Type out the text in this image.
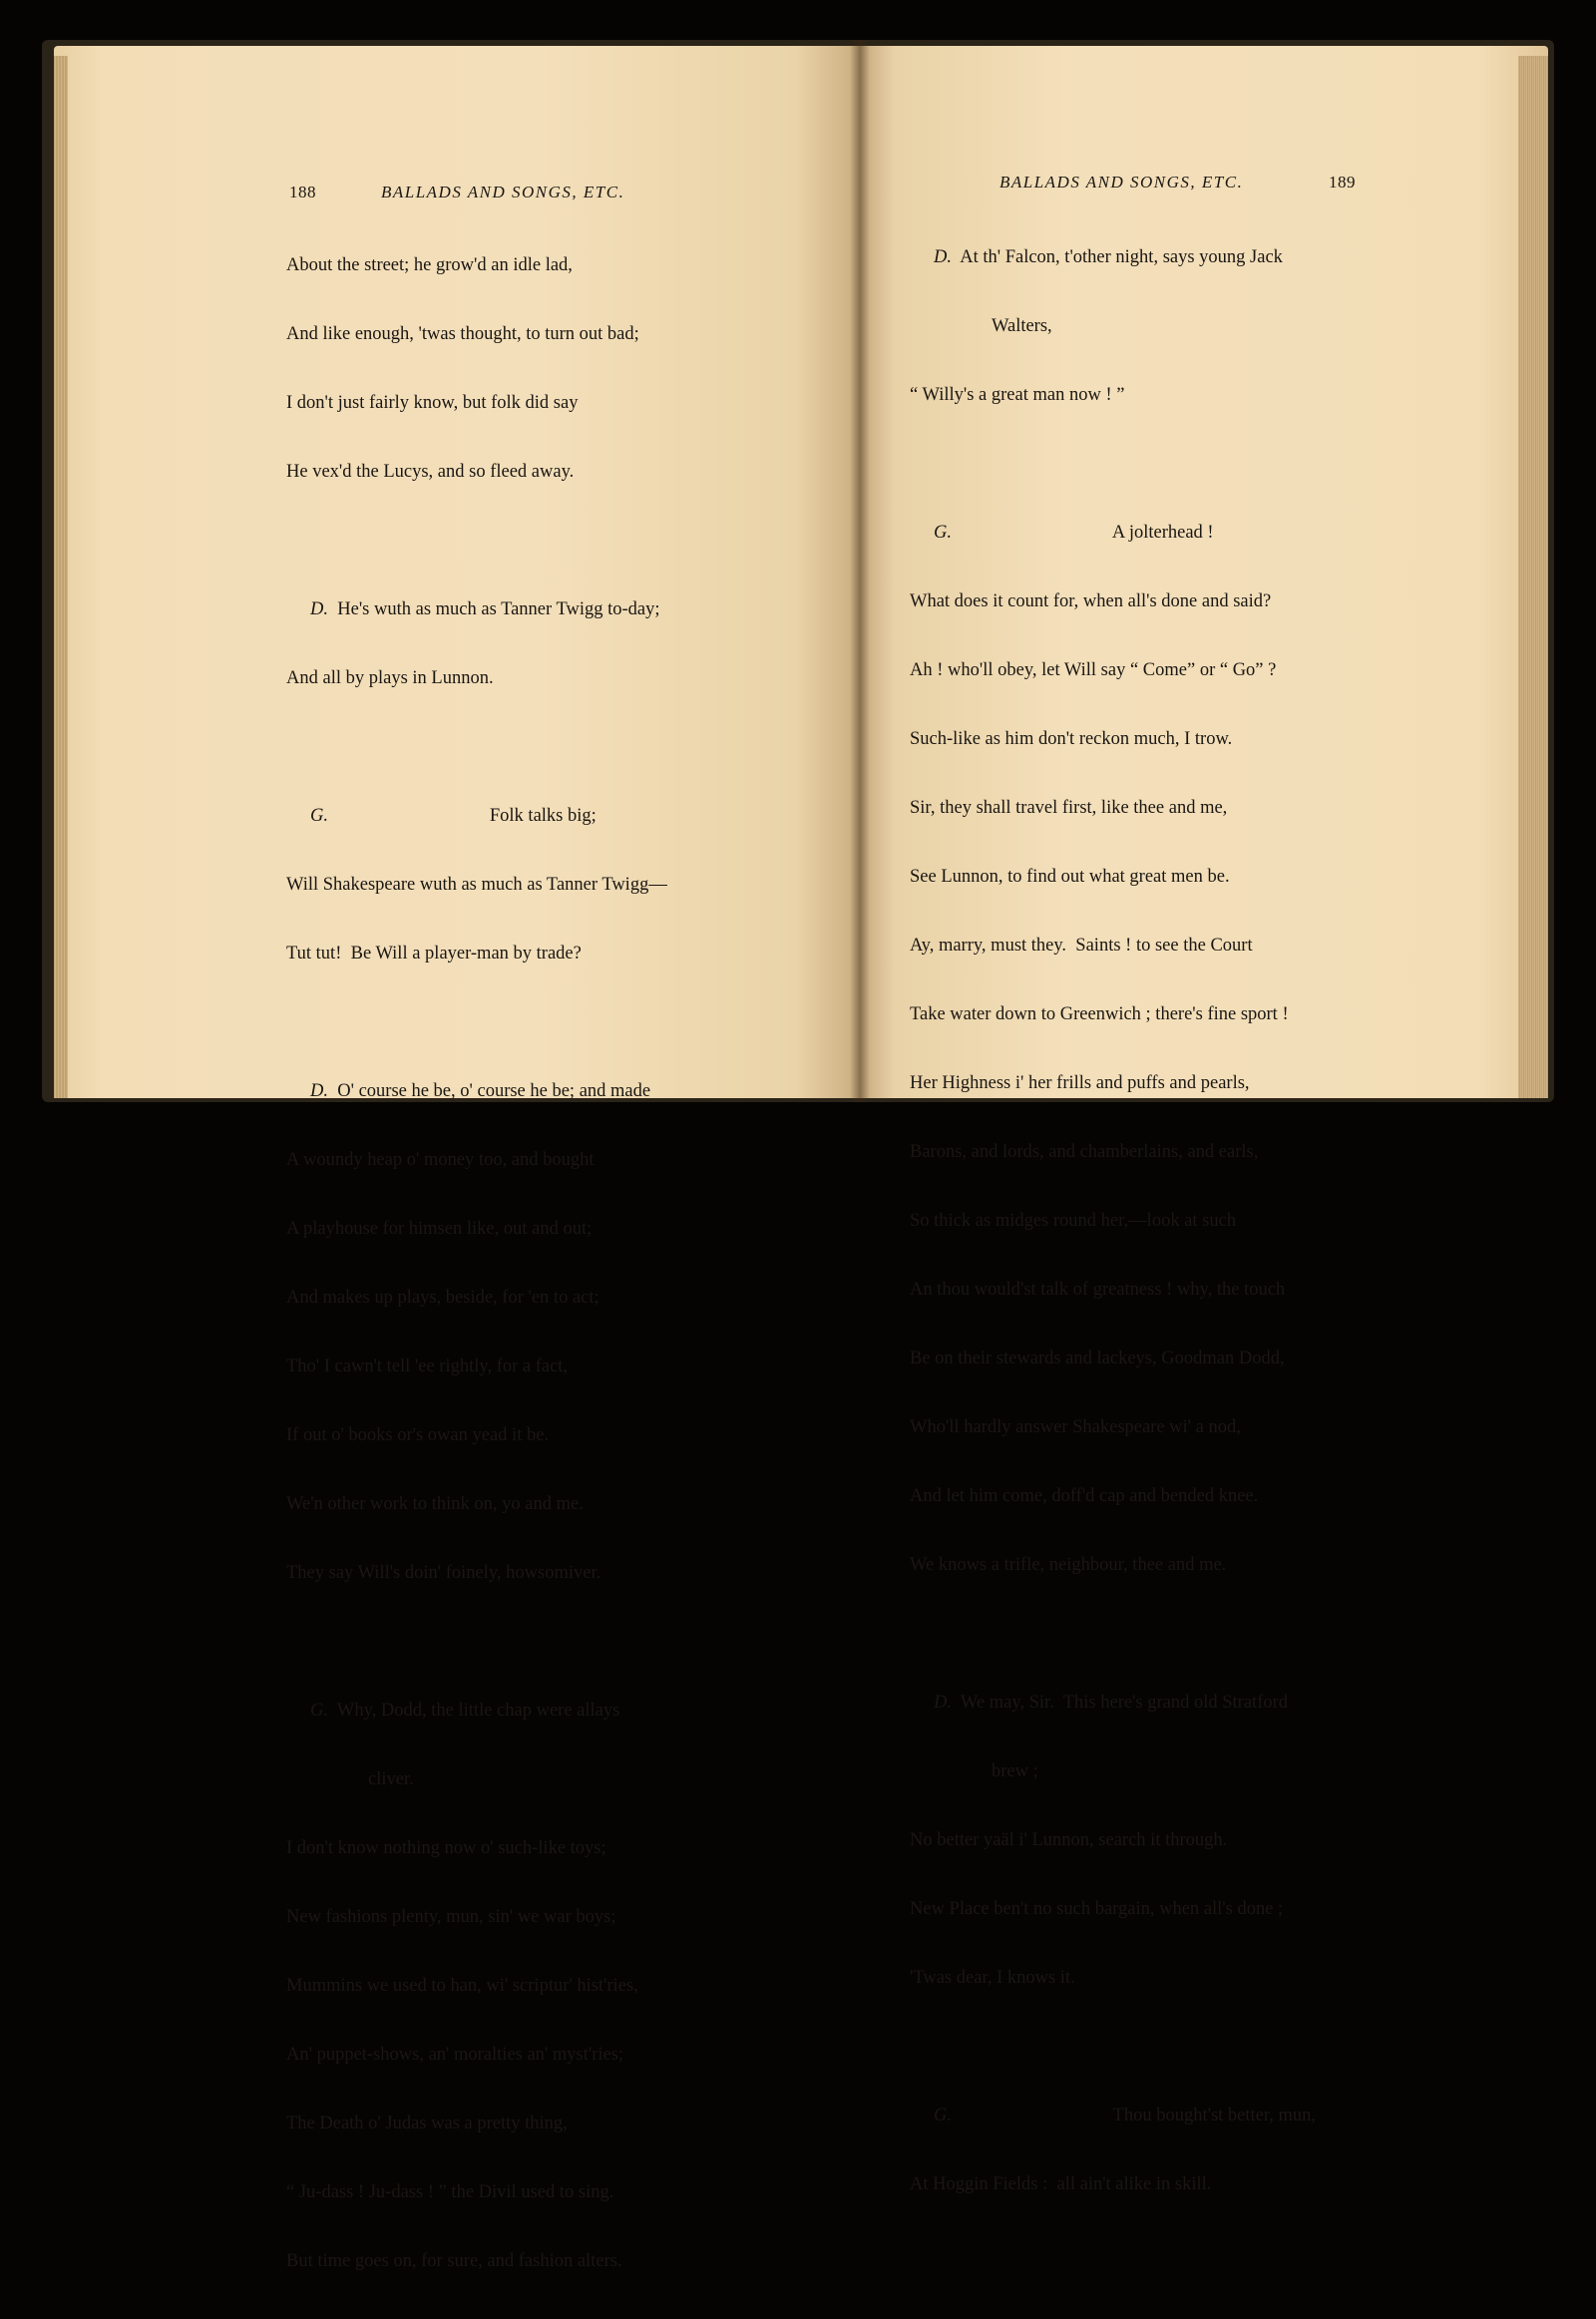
188	BALLADS AND SONGS, ETC.

About the street; he grow'd an idle lad,

And like enough, 'twas thought, to turn out bad;

I don't just fairly know, but folk did say

He vex'd the Lucys, and so fleed away.

D.  He's wuth as much as Tanner Twigg to-day;

And all by plays in Lunnon.

G.                                   Folk talks big;

Will Shakespeare wuth as much as Tanner Twigg—

Tut tut!  Be Will a player-man by trade?

D.  O' course he be, o' course he be; and made

A woundy heap o' money too, and bought

A playhouse for himsen like, out and out;

And makes up plays, beside, for 'en to act;

Tho' I cawn't tell 'ee rightly, for a fact,

If out o' books or's owan yead it be.

We'n other work to think on, yo and me.

They say Will's doin' foinely, howsomiver.

G.  Why, Dodd, the little chap were allays

cliver.

I don't know nothing now o' such-like toys;

New fashions plenty, mun, sin' we war boys;

Mummins we used to han, wi' scriptur' hist'ries,

An' puppet-shows, an' moralties an' myst'ries;

The Death o' Judas was a pretty thing,

“ Ju-dass ! Ju-dass ! ” the Divil used to sing.

But time goes on, for sure, and fashion alters.

BALLADS AND SONGS, ETC.	189

D.  At th' Falcon, t'other night, says young Jack

Walters,

“ Willy's a great man now ! ”

G.                                   A jolterhead !

What does it count for, when all's done and said?

Ah ! who'll obey, let Will say “ Come” or “ Go” ?

Such-like as him don't reckon much, I trow.

Sir, they shall travel first, like thee and me,

See Lunnon, to find out what great men be.

Ay, marry, must they.  Saints ! to see the Court

Take water down to Greenwich ; there's fine sport !

Her Highness i' her frills and puffs and pearls,

Barons, and lords, and chamberlains, and earls,

So thick as midges round her,—look at such

An thou would'st talk of greatness ! why, the touch

Be on their stewards and lackeys, Goodman Dodd,

Who'll hardly answer Shakespeare wi' a nod,

And let him come, doff'd cap and bended knee.

We knows a trifle, neighbour, thee and me.

D.  We may, Sir.  This here's grand old Stratford

brew ;

No better yaäl i' Lunnon, search it through.

New Place ben't no such bargain, when all's done ;

'Twas dear, I knows it.

G.                                   Thou bought'st better, mun,

At Hoggin Fields :  all ain't alike in skill.
